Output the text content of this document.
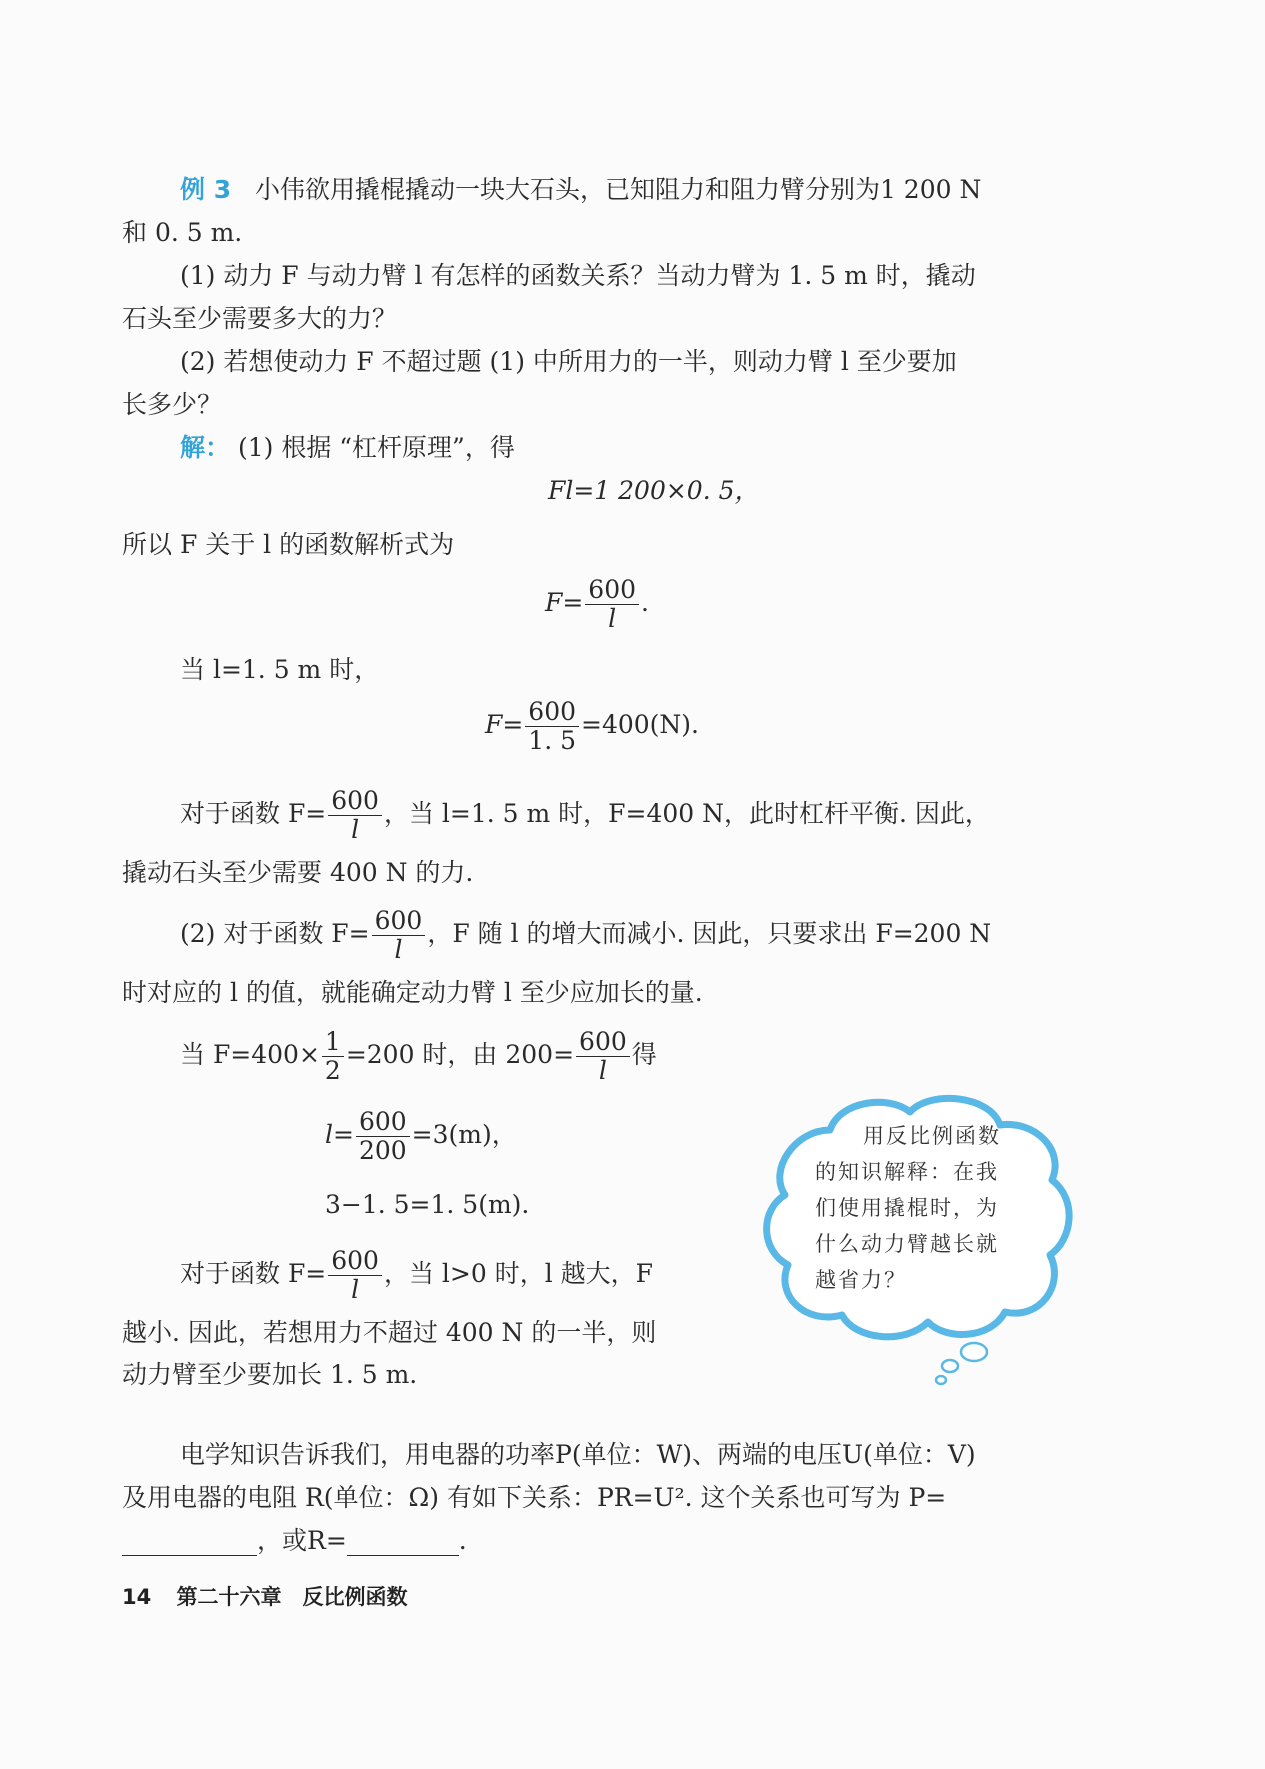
例 3 小伟欲用撬棍撬动一块大石头，已知阻力和阻力臂分别为1 200 N
和 0. 5 m.
(1) 动力 F 与动力臂 l 有怎样的函数关系？当动力臂为 1. 5 m 时，撬动
石头至少需要多大的力？
(2) 若想使动力 F 不超过题 (1) 中所用力的一半，则动力臂 l 至少要加
长多少？
解： (1) 根据 “杠杆原理”，得
Fl=1 200×0. 5，
所以 F 关于 l 的函数解析式为
$F= \frac{600}{l}$ .
当 l=1. 5 m 时，
$F= \frac{600}{1. 5} =400(N)$.
对于函数 $F= \frac{600}{l}$ ，当 l=1. 5 m 时，F=400 N，此时杠杆平衡. 因此，
撬动石头至少需要 400 N 的力.
(2) 对于函数 $F= \frac{600}{l}$ ，F 随 l 的增大而减小. 因此，只要求出 F=200 N
时对应的 l 的值，就能确定动力臂 l 至少应加长的量.
当 $F=400\times \frac{1}{2} =200$ 时，由 $200= \frac{600}{l}$ 得
$l= \frac{600}{200} =3(m)$，
3−1. 5=1. 5(m).
对于函数 $F= \frac{600}{l}$ ，当 l>0 时，l 越大，F
越小. 因此，若想用力不超过 400 N 的一半，则
动力臂至少要加长 1. 5 m.
用反比例函数
的知识解释：在我
们使用撬棍时，为
什么动力臂越长就
越省力？
电学知识告诉我们，用电器的功率P(单位：W)、两端的电压U(单位：V)
及用电器的电阻 R(单位：Ω) 有如下关系：PR=U². 这个关系也可写为 P=
，或R=	.
14 第二十六章　反比例函数
